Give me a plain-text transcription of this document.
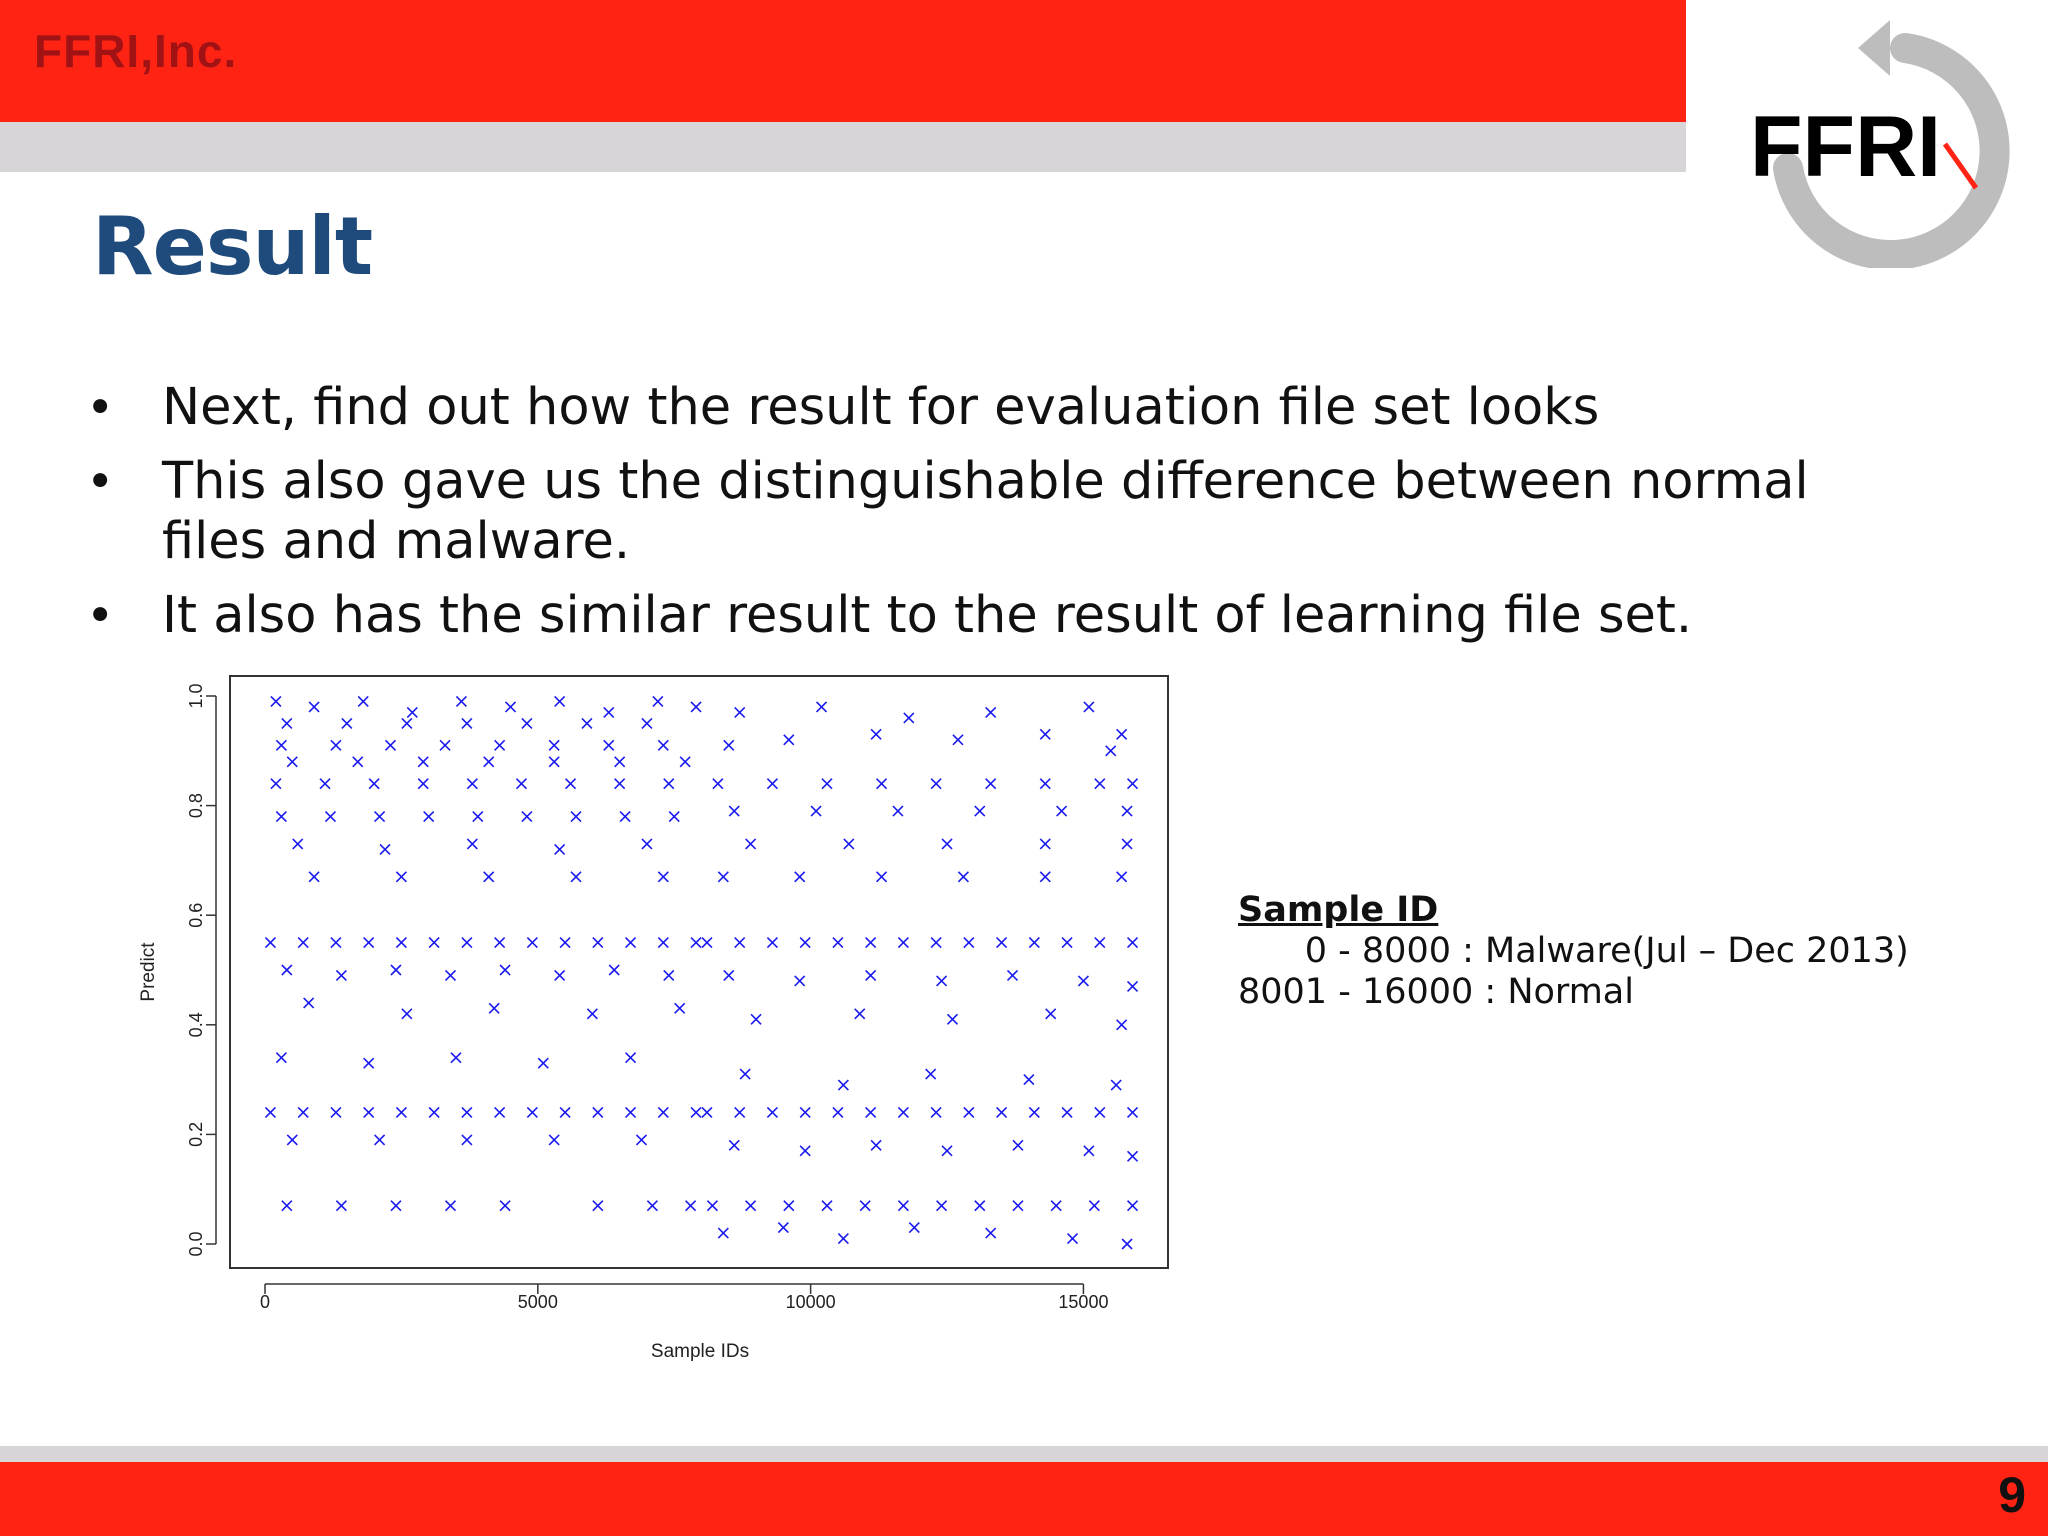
FFRI,Inc.
FFRI
Result
• Next, find out how the result for evaluation file set looks
• This also gave us the distinguishable difference between normal files and malware.
• It also has the similar result to the result of learning file set.
0	5000	10000	15000
0.0
0.2
0.4
0.6
0.8
1.0
Sample IDs
Predict
Sample ID
0 - 8000 : Malware(Jul – Dec 2013)
8001 - 16000 : Normal
9
